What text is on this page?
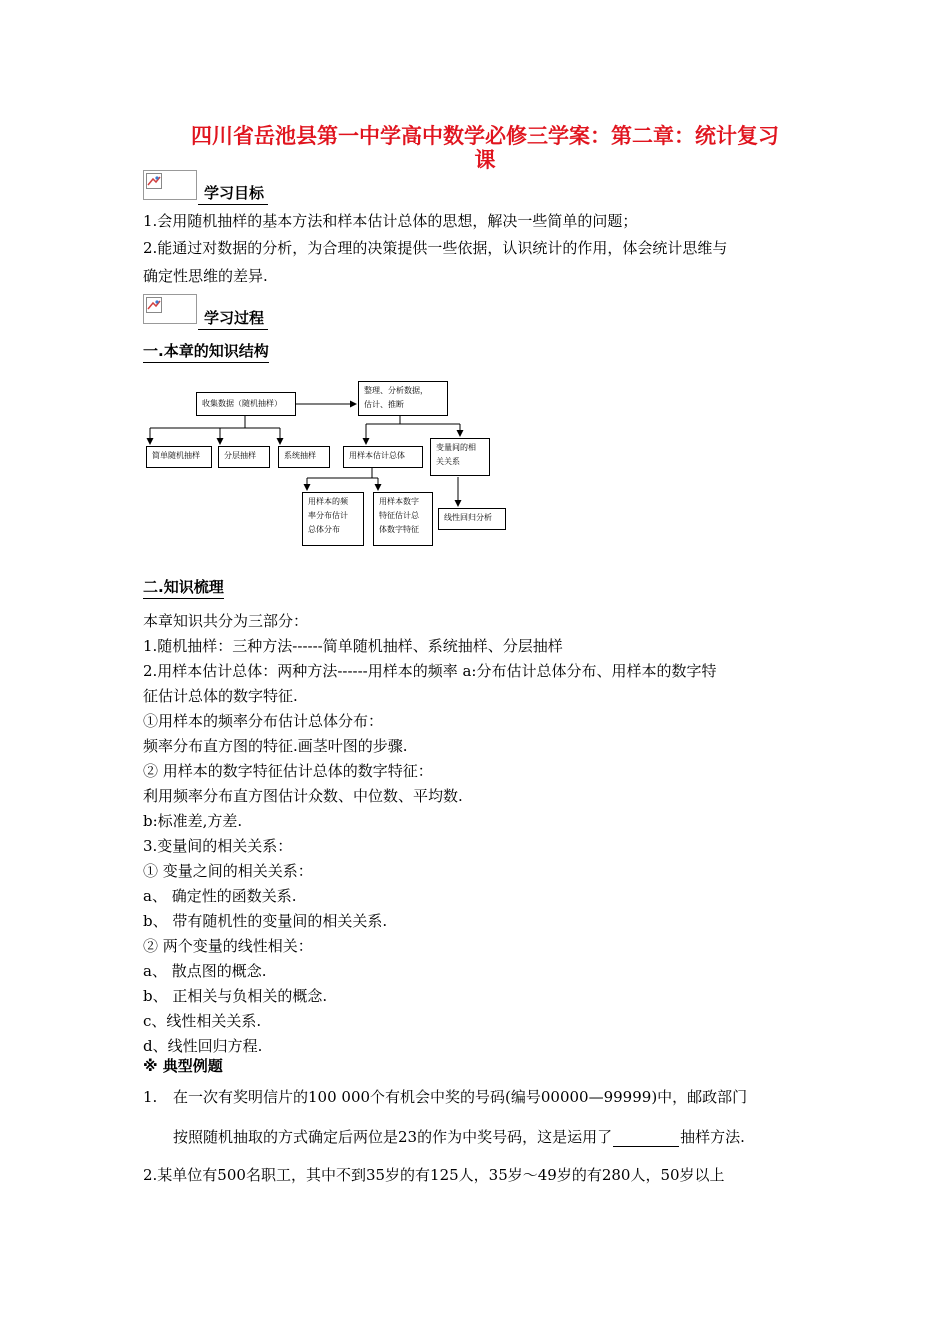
四川省岳池县第一中学高中数学必修三学案：第二章：统计复习
课
学习目标
1.会用随机抽样的基本方法和样本估计总体的思想，解决一些简单的问题；
2.能通过对数据的分析，为合理的决策提供一些依据，认识统计的作用，体会统计思维与
确定性思维的差异.
学习过程
一.本章的知识结构
收集数据（随机抽样）
整理、分析数据，
估计、推断
简单随机抽样	分层抽样	系统抽样	用样本估计总体
变量间的相
关关系
用样本的频
率分布估计
总体分布
用样本数字
特征估计总
体数字特征
线性回归分析
二.知识梳理
本章知识共分为三部分：
1.随机抽样：三种方法------简单随机抽样、系统抽样、分层抽样
2.用样本估计总体：两种方法------用样本的频率 a:分布估计总体分布、用样本的数字特
征估计总体的数字特征.
①用样本的频率分布估计总体分布：
频率分布直方图的特征.画茎叶图的步骤.
② 用样本的数字特征估计总体的数字特征：
利用频率分布直方图估计众数、中位数、平均数.
b:标准差,方差.
3.变量间的相关关系：
① 变量之间的相关关系：
a、 确定性的函数关系.
b、 带有随机性的变量间的相关关系.
② 两个变量的线性相关：
a、 散点图的概念.
b、 正相关与负相关的概念.
c、线性相关关系.
d、线性回归方程.
※ 典型例题
1. 在一次有奖明信片的100 000个有机会中奖的号码(编号00000—99999)中，邮政部门
按照随机抽取的方式确定后两位是23的作为中奖号码，这是运用了	抽样方法.
2.某单位有500名职工，其中不到35岁的有125人，35岁～49岁的有280人，50岁以上
